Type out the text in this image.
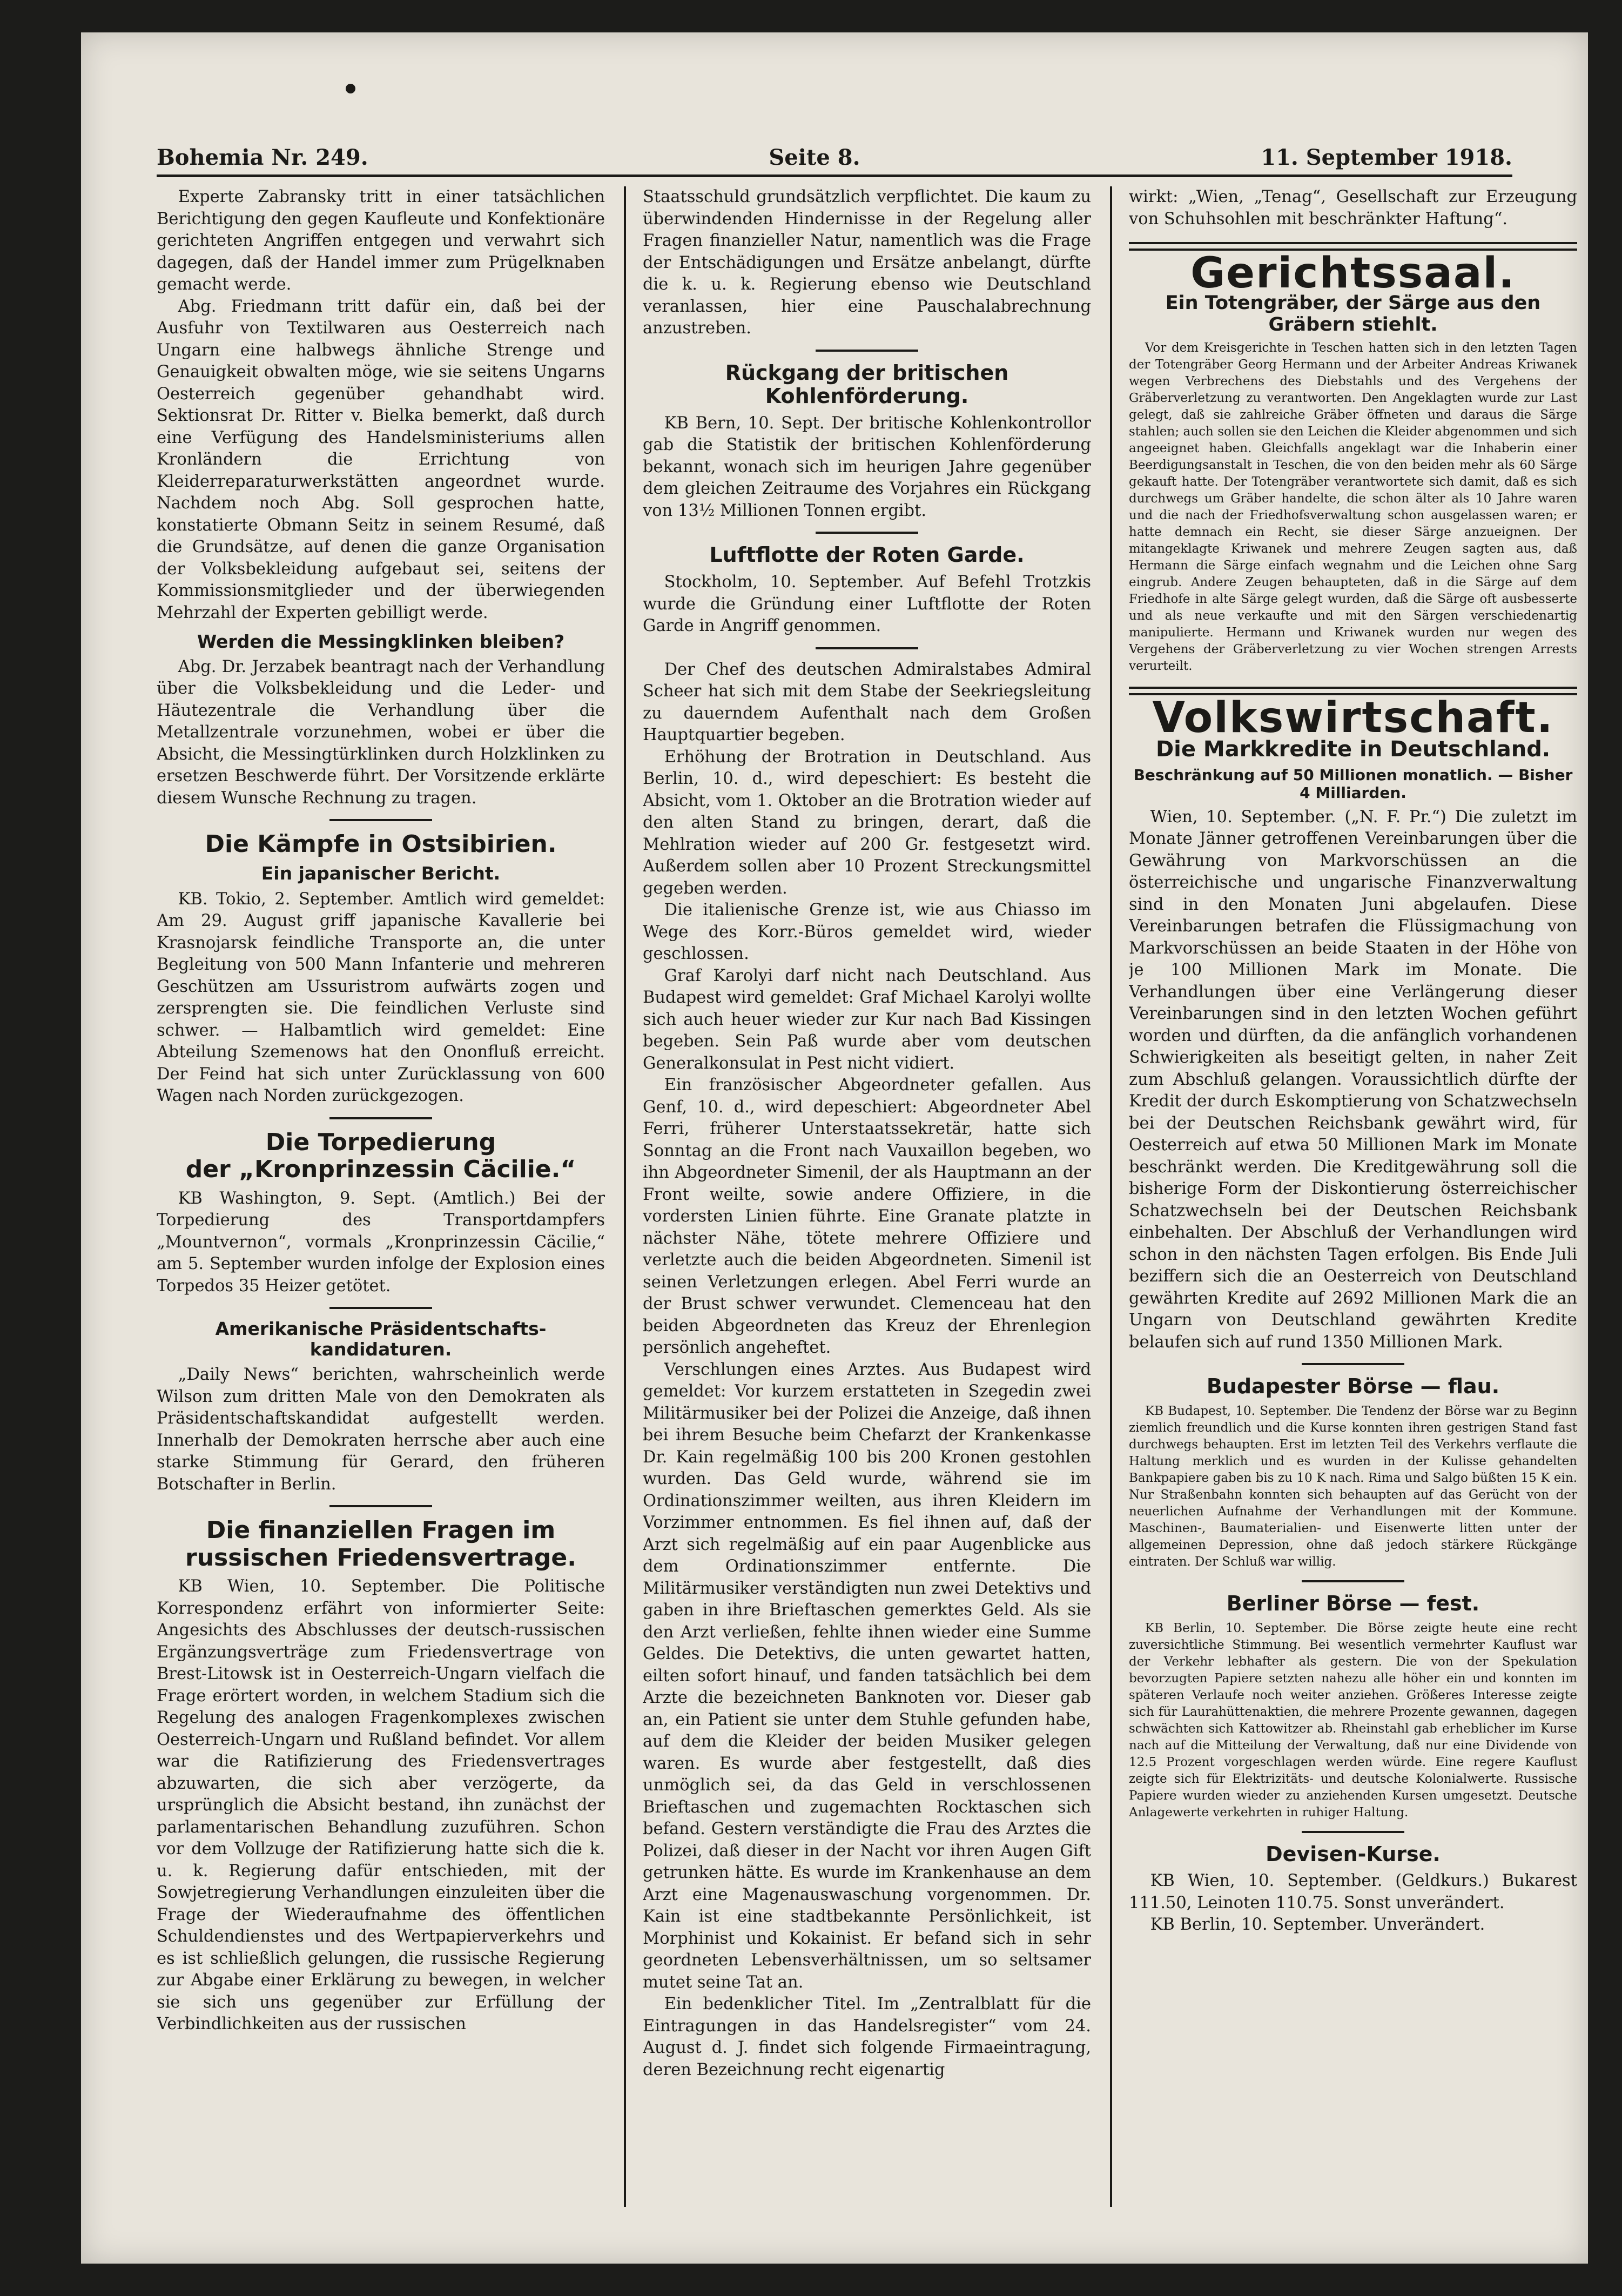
Bohemia Nr. 249.	Seite 8.	11. September 1918.

Experte Zabransky tritt in einer tatsächlichen Berichtigung den gegen Kaufleute und Konfektionäre gerichteten Angriffen entgegen und verwahrt sich dagegen, daß der Handel immer zum Prügelknaben gemacht werde.

Abg. Friedmann tritt dafür ein, daß bei der Ausfuhr von Textilwaren aus Oesterreich nach Ungarn eine halbwegs ähnliche Strenge und Genauigkeit obwalten möge, wie sie seitens Ungarns Oesterreich gegenüber gehandhabt wird. Sektionsrat Dr. Ritter v. Bielka bemerkt, daß durch eine Verfügung des Handelsministeriums allen Kronländern die Errichtung von Kleiderreparaturwerkstätten angeordnet wurde. Nachdem noch Abg. Soll gesprochen hatte, konstatierte Obmann Seitz in seinem Resumé, daß die Grundsätze, auf denen die ganze Organisation der Volksbekleidung aufgebaut sei, seitens der Kommissionsmitglieder und der überwiegenden Mehrzahl der Experten gebilligt werde.

Werden die Messingklinken bleiben?

Abg. Dr. Jerzabek beantragt nach der Verhandlung über die Volksbekleidung und die Leder- und Häutezentrale die Verhandlung über die Metallzentrale vorzunehmen, wobei er über die Absicht, die Messingtürklinken durch Holzklinken zu ersetzen Beschwerde führt. Der Vorsitzende erklärte diesem Wunsche Rechnung zu tragen.

Die Kämpfe in Ostsibirien.
Ein japanischer Bericht.

KB. Tokio, 2. September. Amtlich wird gemeldet: Am 29. August griff japanische Kavallerie bei Krasnojarsk feindliche Transporte an, die unter Begleitung von 500 Mann Infanterie und mehreren Geschützen am Ussuristrom aufwärts zogen und zersprengten sie. Die feindlichen Verluste sind schwer. — Halbamtlich wird gemeldet: Eine Abteilung Szemenows hat den Ononfluß erreicht. Der Feind hat sich unter Zurücklassung von 600 Wagen nach Norden zurückgezogen.

Die Torpedierung
der „Kronprinzessin Cäcilie.“

KB Washington, 9. Sept. (Amtlich.) Bei der Torpedierung des Transportdampfers „Mountvernon“, vormals „Kronprinzessin Cäcilie,“ am 5. September wurden infolge der Explosion eines Torpedos 35 Heizer getötet.

Amerikanische Präsidentschafts-kandidaturen.

„Daily News“ berichten, wahrscheinlich werde Wilson zum dritten Male von den Demokraten als Präsidentschaftskandidat aufgestellt werden. Innerhalb der Demokraten herrsche aber auch eine starke Stimmung für Gerard, den früheren Botschafter in Berlin.

Die finanziellen Fragen im russischen Friedensvertrage.

KB Wien, 10. September. Die Politische Korrespondenz erfährt von informierter Seite: Angesichts des Abschlusses der deutsch-russischen Ergänzungsverträge zum Friedensvertrage von Brest-Litowsk ist in Oesterreich-Ungarn vielfach die Frage erörtert worden, in welchem Stadium sich die Regelung des analogen Fragenkomplexes zwischen Oesterreich-Ungarn und Rußland befindet. Vor allem war die Ratifizierung des Friedensvertrages abzuwarten, die sich aber verzögerte, da ursprünglich die Absicht bestand, ihn zunächst der parlamentarischen Behandlung zuzuführen. Schon vor dem Vollzuge der Ratifizierung hatte sich die k. u. k. Regierung dafür entschieden, mit der Sowjetregierung Verhandlungen einzuleiten über die Frage der Wiederaufnahme des öffentlichen Schuldendienstes und des Wertpapierverkehrs und es ist schließlich gelungen, die russische Regierung zur Abgabe einer Erklärung zu bewegen, in welcher sie sich uns gegenüber zur Erfüllung der Verbindlichkeiten aus der russischen

Staatsschuld grundsätzlich verpflichtet. Die kaum zu überwindenden Hindernisse in der Regelung aller Fragen finanzieller Natur, namentlich was die Frage der Entschädigungen und Ersätze anbelangt, dürfte die k. u. k. Regierung ebenso wie Deutschland veranlassen, hier eine Pauschalabrechnung anzustreben.

Rückgang der britischen Kohlenförderung.

KB Bern, 10. Sept. Der britische Kohlenkontrollor gab die Statistik der britischen Kohlenförderung bekannt, wonach sich im heurigen Jahre gegenüber dem gleichen Zeitraume des Vorjahres ein Rückgang von 13½ Millionen Tonnen ergibt.

Luftflotte der Roten Garde.

Stockholm, 10. September. Auf Befehl Trotzkis wurde die Gründung einer Luftflotte der Roten Garde in Angriff genommen.

Der Chef des deutschen Admiralstabes Admiral Scheer hat sich mit dem Stabe der Seekriegsleitung zu dauerndem Aufenthalt nach dem Großen Hauptquartier begeben.

Erhöhung der Brotration in Deutschland. Aus Berlin, 10. d., wird depeschiert: Es besteht die Absicht, vom 1. Oktober an die Brotration wieder auf den alten Stand zu bringen, derart, daß die Mehlration wieder auf 200 Gr. festgesetzt wird. Außerdem sollen aber 10 Prozent Streckungsmittel gegeben werden.

Die italienische Grenze ist, wie aus Chiasso im Wege des Korr.-Büros gemeldet wird, wieder geschlossen.

Graf Karolyi darf nicht nach Deutschland. Aus Budapest wird gemeldet: Graf Michael Karolyi wollte sich auch heuer wieder zur Kur nach Bad Kissingen begeben. Sein Paß wurde aber vom deutschen Generalkonsulat in Pest nicht vidiert.

Ein französischer Abgeordneter gefallen. Aus Genf, 10. d., wird depeschiert: Abgeordneter Abel Ferri, früherer Unterstaatssekretär, hatte sich Sonntag an die Front nach Vauxaillon begeben, wo ihn Abgeordneter Simenil, der als Hauptmann an der Front weilte, sowie andere Offiziere, in die vordersten Linien führte. Eine Granate platzte in nächster Nähe, tötete mehrere Offiziere und verletzte auch die beiden Abgeordneten. Simenil ist seinen Verletzungen erlegen. Abel Ferri wurde an der Brust schwer verwundet. Clemenceau hat den beiden Abgeordneten das Kreuz der Ehrenlegion persönlich angeheftet.

Verschlungen eines Arztes. Aus Budapest wird gemeldet: Vor kurzem erstatteten in Szegedin zwei Militärmusiker bei der Polizei die Anzeige, daß ihnen bei ihrem Besuche beim Chefarzt der Krankenkasse Dr. Kain regelmäßig 100 bis 200 Kronen gestohlen wurden. Das Geld wurde, während sie im Ordinationszimmer weilten, aus ihren Kleidern im Vorzimmer entnommen. Es fiel ihnen auf, daß der Arzt sich regelmäßig auf ein paar Augenblicke aus dem Ordinationszimmer entfernte. Die Militärmusiker verständigten nun zwei Detektivs und gaben in ihre Brieftaschen gemerktes Geld. Als sie den Arzt verließen, fehlte ihnen wieder eine Summe Geldes. Die Detektivs, die unten gewartet hatten, eilten sofort hinauf, und fanden tatsächlich bei dem Arzte die bezeichneten Banknoten vor. Dieser gab an, ein Patient sie unter dem Stuhle gefunden habe, auf dem die Kleider der beiden Musiker gelegen waren. Es wurde aber festgestellt, daß dies unmöglich sei, da das Geld in verschlossenen Brieftaschen und zugemachten Rocktaschen sich befand. Gestern verständigte die Frau des Arztes die Polizei, daß dieser in der Nacht vor ihren Augen Gift getrunken hätte. Es wurde im Krankenhause an dem Arzt eine Magenauswaschung vorgenommen. Dr. Kain ist eine stadtbekannte Persönlichkeit, ist Morphinist und Kokainist. Er befand sich in sehr geordneten Lebensverhältnissen, um so seltsamer mutet seine Tat an.

Ein bedenklicher Titel. Im „Zentralblatt für die Eintragungen in das Handelsregister“ vom 24. August d. J. findet sich folgende Firmaeintragung, deren Bezeichnung recht eigenartig

wirkt: „Wien, „Tenag“, Gesellschaft zur Erzeugung von Schuhsohlen mit beschränkter Haftung“.

Gerichtssaal.
Ein Totengräber, der Särge aus den Gräbern stiehlt.

Vor dem Kreisgerichte in Teschen hatten sich in den letzten Tagen der Totengräber Georg Hermann und der Arbeiter Andreas Kriwanek wegen Verbrechens des Diebstahls und des Vergehens der Gräberverletzung zu verantworten. Den Angeklagten wurde zur Last gelegt, daß sie zahlreiche Gräber öffneten und daraus die Särge stahlen; auch sollen sie den Leichen die Kleider abgenommen und sich angeeignet haben. Gleichfalls angeklagt war die Inhaberin einer Beerdigungsanstalt in Teschen, die von den beiden mehr als 60 Särge gekauft hatte. Der Totengräber verantwortete sich damit, daß es sich durchwegs um Gräber handelte, die schon älter als 10 Jahre waren und die nach der Friedhofsverwaltung schon ausgelassen waren; er hatte demnach ein Recht, sie dieser Särge anzueignen. Der mitangeklagte Kriwanek und mehrere Zeugen sagten aus, daß Hermann die Särge einfach wegnahm und die Leichen ohne Sarg eingrub. Andere Zeugen behaupteten, daß in die Särge auf dem Friedhofe in alte Särge gelegt wurden, daß die Särge oft ausbesserte und als neue verkaufte und mit den Särgen verschiedenartig manipulierte. Hermann und Kriwanek wurden nur wegen des Vergehens der Gräberverletzung zu vier Wochen strengen Arrests verurteilt.

Volkswirtschaft.
Die Markkredite in Deutschland.
Beschränkung auf 50 Millionen monatlich. — Bisher 4 Milliarden.

Wien, 10. September. („N. F. Pr.“) Die zuletzt im Monate Jänner getroffenen Vereinbarungen über die Gewährung von Markvorschüssen an die österreichische und ungarische Finanzverwaltung sind in den Monaten Juni abgelaufen. Diese Vereinbarungen betrafen die Flüssigmachung von Markvorschüssen an beide Staaten in der Höhe von je 100 Millionen Mark im Monate. Die Verhandlungen über eine Verlängerung dieser Vereinbarungen sind in den letzten Wochen geführt worden und dürften, da die anfänglich vorhandenen Schwierigkeiten als beseitigt gelten, in naher Zeit zum Abschluß gelangen. Voraussichtlich dürfte der Kredit der durch Eskomptierung von Schatzwechseln bei der Deutschen Reichsbank gewährt wird, für Oesterreich auf etwa 50 Millionen Mark im Monate beschränkt werden. Die Kreditgewährung soll die bisherige Form der Diskontierung österreichischer Schatzwechseln bei der Deutschen Reichsbank einbehalten. Der Abschluß der Verhandlungen wird schon in den nächsten Tagen erfolgen. Bis Ende Juli beziffern sich die an Oesterreich von Deutschland gewährten Kredite auf 2692 Millionen Mark die an Ungarn von Deutschland gewährten Kredite belaufen sich auf rund 1350 Millionen Mark.

Budapester Börse — flau.

KB Budapest, 10. September. Die Tendenz der Börse war zu Beginn ziemlich freundlich und die Kurse konnten ihren gestrigen Stand fast durchwegs behaupten. Erst im letzten Teil des Verkehrs verflaute die Haltung merklich und es wurden in der Kulisse gehandelten Bankpapiere gaben bis zu 10 K nach. Rima und Salgo büßten 15 K ein. Nur Straßenbahn konnten sich behaupten auf das Gerücht von der neuerlichen Aufnahme der Verhandlungen mit der Kommune. Maschinen-, Baumaterialien- und Eisenwerte litten unter der allgemeinen Depression, ohne daß jedoch stärkere Rückgänge eintraten. Der Schluß war willig.

Berliner Börse — fest.

KB Berlin, 10. September. Die Börse zeigte heute eine recht zuversichtliche Stimmung. Bei wesentlich vermehrter Kauflust war der Verkehr lebhafter als gestern. Die von der Spekulation bevorzugten Papiere setzten nahezu alle höher ein und konnten im späteren Verlaufe noch weiter anziehen. Größeres Interesse zeigte sich für Laurahüttenaktien, die mehrere Prozente gewannen, dagegen schwächten sich Kattowitzer ab. Rheinstahl gab erheblicher im Kurse nach auf die Mitteilung der Verwaltung, daß nur eine Dividende von 12.5 Prozent vorgeschlagen werden würde. Eine regere Kauflust zeigte sich für Elektrizitäts- und deutsche Kolonialwerte. Russische Papiere wurden wieder zu anziehenden Kursen umgesetzt. Deutsche Anlagewerte verkehrten in ruhiger Haltung.

Devisen-Kurse.

KB Wien, 10. September. (Geldkurs.) Bukarest 111.50, Leinoten 110.75. Sonst unverändert.

KB Berlin, 10. September. Unverändert.
